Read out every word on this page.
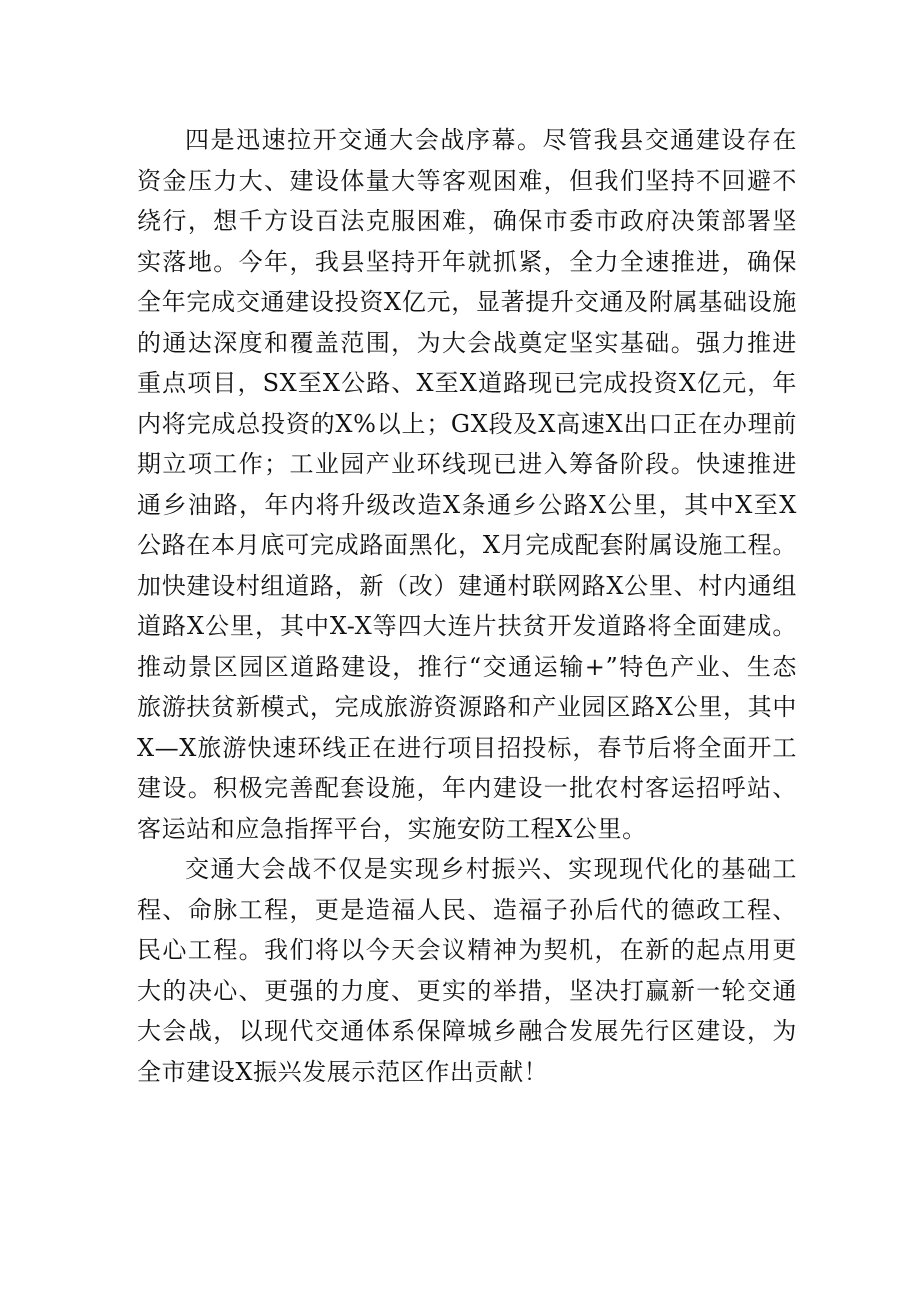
四是迅速拉开交通大会战序幕。尽管我县交通建设存在资金压力大、建设体量大等客观困难，但我们坚持不回避不绕行，想千方设百法克服困难，确保市委市政府决策部署坚实落地。今年，我县坚持开年就抓紧，全力全速推进，确保全年完成交通建设投资X亿元，显著提升交通及附属基础设施的通达深度和覆盖范围，为大会战奠定坚实基础。强力推进重点项目，SX至X公路、X至X道路现已完成投资X亿元，年内将完成总投资的X%以上；GX段及X高速X出口正在办理前期立项工作；工业园产业环线现已进入筹备阶段。快速推进通乡油路，年内将升级改造X条通乡公路X公里，其中X至X公路在本月底可完成路面黑化，X月完成配套附属设施工程。加快建设村组道路，新（改）建通村联网路X公里、村内通组道路X公里，其中X-X等四大连片扶贫开发道路将全面建成。推动景区园区道路建设，推行“交通运输+”特色产业、生态旅游扶贫新模式，完成旅游资源路和产业园区路X公里，其中X—X旅游快速环线正在进行项目招投标，春节后将全面开工建设。积极完善配套设施，年内建设一批农村客运招呼站、客运站和应急指挥平台，实施安防工程X公里。

交通大会战不仅是实现乡村振兴、实现现代化的基础工程、命脉工程，更是造福人民、造福子孙后代的德政工程、民心工程。我们将以今天会议精神为契机，在新的起点用更大的决心、更强的力度、更实的举措，坚决打赢新一轮交通大会战，以现代交通体系保障城乡融合发展先行区建设，为全市建设X振兴发展示范区作出贡献！
